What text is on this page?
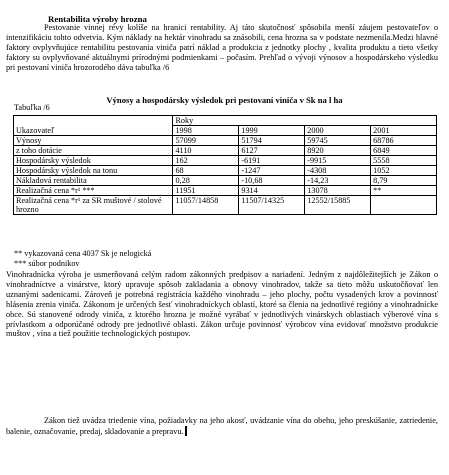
Rentabilita výroby hrozna

Pestovanie vinnej révy kolíše na hranici rentability. Aj táto skutočnosť spôsobila menší záujem pestovateľov o intenzifikáciu tohto odvetvia. Kým náklady na hektár vinohradu sa znásobili, cena hrozna sa v podstate nezmenila.Medzi hlavné faktory ovplyvňujúce rentabilitu pestovania viniča patrí náklad a produkcia z jednotky plochy , kvalita produktu a tieto všetky faktory su ovplyvňované aktuálnymi prírodnými podmienkami – počasím. Prehľad o vývoji výnosov a hospodárskeho výsledku pri pestovaní viniča hrozorodého dáva tabuľka /6

Výnosy a hospodársky výsledok pri pestovaní viniča v Sk na l ha
Tabuľka /6
Ukazovateľ	Roky			
	1998	1999	2000	2001
Výnosy	57099	51794	59745	68786
z toho dotácie	4110	6127	8920	6849
Hospodársky výsledok	162	-6191	-9915	5558
Hospodársky výsledok na tonu	68	-1247	-4308	1052
Nákladová rentabilita	0,28	-10,68	-14,23	8,79
Realizačná cena *r¹ ***	11951	9314	13078	**
Realizačná cena *r¹ za SR muštové / stolové hrozno	11057/14858	11507/14325	12552/15885	
** vykazovaná cena 4037 Sk je nelogická
*** súbor podnikov

Vinohradnícka výroba je usmerňovaná celým radom zákonných predpisov a nariadení. Jedným z najdôležitejších je Zákon o vinohradníctve a vinárstve, ktorý upravuje spôsob zakladania a obnovy vinohradov, takže sa tieto môžu uskutočňovať len uznanými sadenicami. Zároveň je potrebná registrácia každého vinohradu – jeho plochy, počtu vysadených krov a povinnosť hlásenia zrenia viniča. Zákonom je určených šesť vinohradníckych oblastí, ktoré sa členia na jednotlivé regióny a vinohradnícke obce. Sú stanovené odrody viniča, z ktorého hrozna je možné vyrábať v jednotlivých vinárskych oblastiach výberové vína s prívlastkom a odporúčané odrody pre jednotlivé oblasti. Zákon určuje povinnosť výrobcov vína evidovať množstvo produkcie muštov , vína a tiež použitie technologických postupov.

Zákon tiež uvádza triedenie vína, požiadavky na jeho akosť, uvádzanie vína do obehu, jeho preskúšanie, zatriedenie, balenie, označovanie, predaj, skladovanie a prepravu.
